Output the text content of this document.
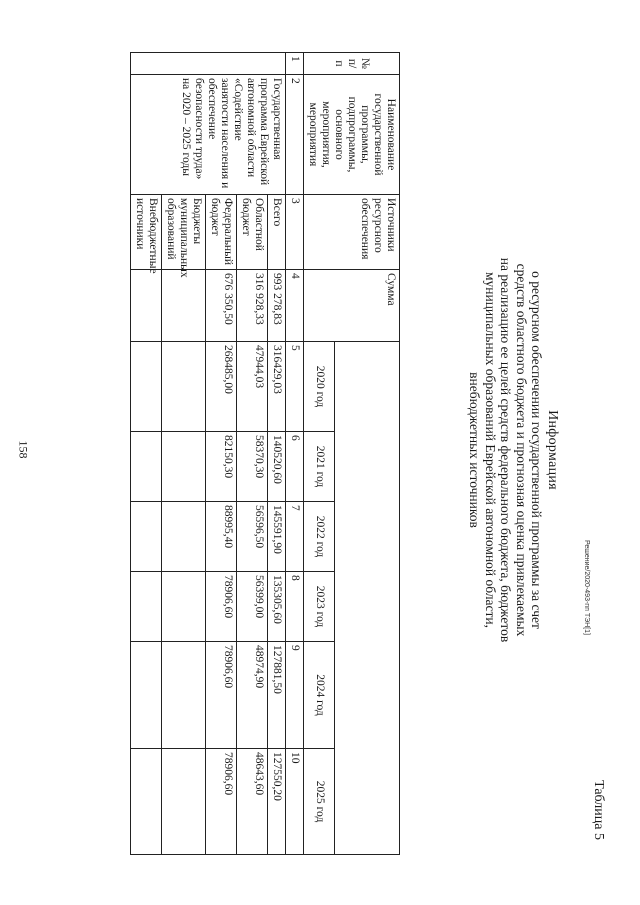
158
Решение/2020-493-пп ТЭН[1]
Таблица 5
Информация
о ресурсном обеспечении государственной программы за счет
средств областного бюджета и прогнозная оценка привлекаемых
на реализацию ее целей средств федерального бюджета, бюджетов
муниципальных образований Еврейской автономной области,
внебюджетных источников
№ п/п	Наименование государственной программы, подпрограммы, основного мероприятия, мероприятия	Источники ресурсного обеспечения	Сумма						
				2020 год	2021 год	2022 год	2023 год	2024 год	2025 год
1	2	3	4	5	6	7	8	9	10
	Государственная программа Еврейской автономной области «Содействие занятости населения и обеспечение безопасности труда» на 2020 – 2025 годы	Всего	993 278,83	316429,03	140520,60	145591,90	135305,60	127881,50	127550,20
		Областной бюджет	316 928,33	47944,03	58370,30	56596,50	56399,00	48974,90	48643,60
		Федеральный бюджет	676 350,50	268485,00	82150,30	88995,40	78906,60	78906,60	78906,60
		Бюджеты муниципальных образований							
		Внебюджетные источники							
